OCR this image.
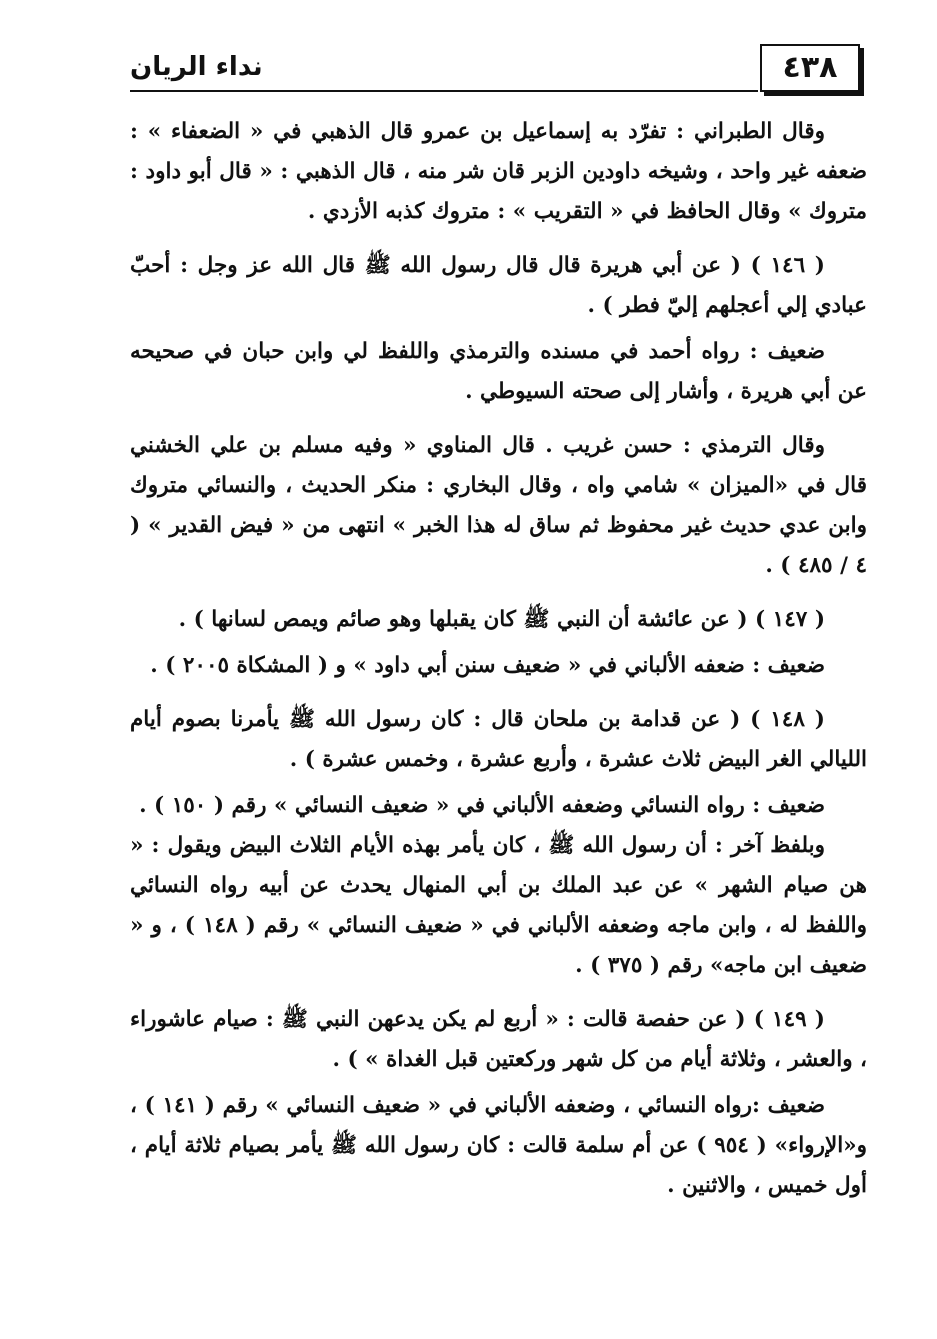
٤٣٨
نداء الريان

وقال الطبراني : تفرّد به إسماعيل بن عمرو قال الذهبي في « الضعفاء » : ضعفه غير واحد ، وشيخه داودين الزبر قان شر منه ، قال الذهبي : « قال أبو داود : متروك » وقال الحافظ في « التقريب » : متروك كذبه الأزدي .

( ١٤٦ ) ( عن أبي هريرة قال قال رسول الله ﷺ قال الله عز وجل : أحبّ عبادي إلي أعجلهم إليّ فطر ) .

ضعيف : رواه أحمد في مسنده والترمذي واللفظ لي وابن حبان في صحيحه عن أبي هريرة ، وأشار إلى صحته السيوطي .

وقال الترمذي : حسن غريب . قال المناوي « وفيه مسلم بن علي الخشني قال في «الميزان » شامي واه ، وقال البخاري : منكر الحديث ، والنسائي متروك وابن عدي حديث غير محفوظ ثم ساق له هذا الخبر » انتهى من « فيض القدير » ( ٤ / ٤٨٥ ) .

( ١٤٧ ) ( عن عائشة أن النبي ﷺ كان يقبلها وهو صائم ويمص لسانها ) .

ضعيف : ضعفه الألباني في « ضعيف سنن أبي داود » و ( المشكاة ٢٠٠٥ ) .

( ١٤٨ ) ( عن قدامة بن ملحان قال : كان رسول الله ﷺ يأمرنا بصوم أيام الليالي الغر البيض ثلاث عشرة ، وأربع عشرة ، وخمس عشرة ) .

ضعيف : رواه النسائي وضعفه الألباني في « ضعيف النسائي » رقم ( ١٥٠ ) .

وبلفظ آخر : أن رسول الله ﷺ ، كان يأمر بهذه الأيام الثلاث البيض ويقول : « هن صيام الشهر » عن عبد الملك بن أبي المنهال يحدث عن أبيه رواه النسائي واللفظ له ، وابن ماجه وضعفه الألباني في « ضعيف النسائي » رقم ( ١٤٨ ) ، و « ضعيف ابن ماجه» رقم ( ٣٧٥ ) .

( ١٤٩ ) ( عن حفصة قالت : « أربع لم يكن يدعهن النبي ﷺ : صيام عاشوراء ، والعشر ، وثلاثة أيام من كل شهر وركعتين قبل الغداة » ) .

ضعيف :رواه النسائي ، وضعفه الألباني في « ضعيف النسائي » رقم ( ١٤١ ) ، و«الإرواء» ( ٩٥٤ ) عن أم سلمة قالت : كان رسول الله ﷺ يأمر بصيام ثلاثة أيام ، أول خميس ، والاثنين .
